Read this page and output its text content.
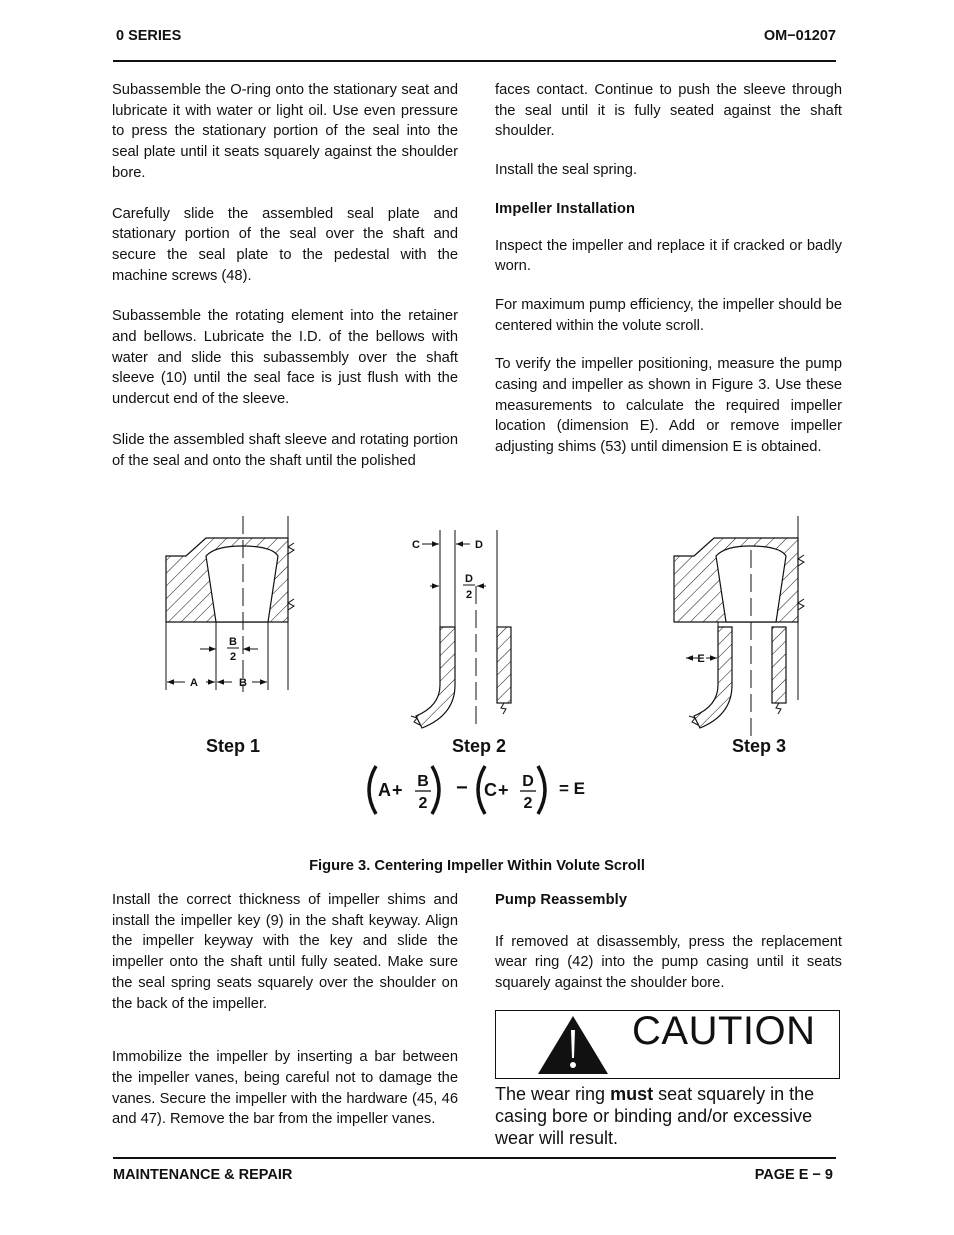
0 SERIES	OM−01207

Subassemble the O-ring onto the stationary seat and lubricate it with water or light oil. Use even pressure to press the stationary portion of the seal into the seal plate until it seats squarely against the shoulder bore.

Carefully slide the assembled seal plate and stationary portion of the seal over the shaft and secure the seal plate to the pedestal with the machine screws (48).

Subassemble the rotating element into the retainer and bellows. Lubricate the I.D. of the bellows with water and slide this subassembly over the shaft sleeve (10) until the seal face is just flush with the undercut end of the sleeve.

Slide the assembled shaft sleeve and rotating portion of the seal and onto the shaft until the polished

faces contact. Continue to push the sleeve through the seal until it is fully seated against the shaft shoulder.

Install the seal spring.

Impeller Installation

Inspect the impeller and replace it if cracked or badly worn.

For maximum pump efficiency, the impeller should be centered within the volute scroll.

To verify the impeller positioning, measure the pump casing and impeller as shown in Figure 3. Use these measurements to calculate the required impeller location (dimension E). Add or remove impeller adjusting shims (53) until dimension E is obtained.

B
2
A	B
C	D
D
2
E
A + B
2
− C + D
2
= E
Step 1	Step 2	Step 3
Figure 3. Centering Impeller Within Volute Scroll

Install the correct thickness of impeller shims and install the impeller key (9) in the shaft keyway. Align the impeller keyway with the key and slide the impeller onto the shaft until fully seated. Make sure the seal spring seats squarely over the shoulder on the back of the impeller.

Immobilize the impeller by inserting a bar between the impeller vanes, being careful not to damage the vanes. Secure the impeller with the hardware (45, 46 and 47). Remove the bar from the impeller vanes.

Pump Reassembly

If removed at disassembly, press the replacement wear ring (42) into the pump casing until it seats squarely against the shoulder bore.

CAUTION
The wear ring must seat squarely in the casing bore or binding and/or excessive wear will result.
MAINTENANCE & REPAIR	PAGE E − 9
